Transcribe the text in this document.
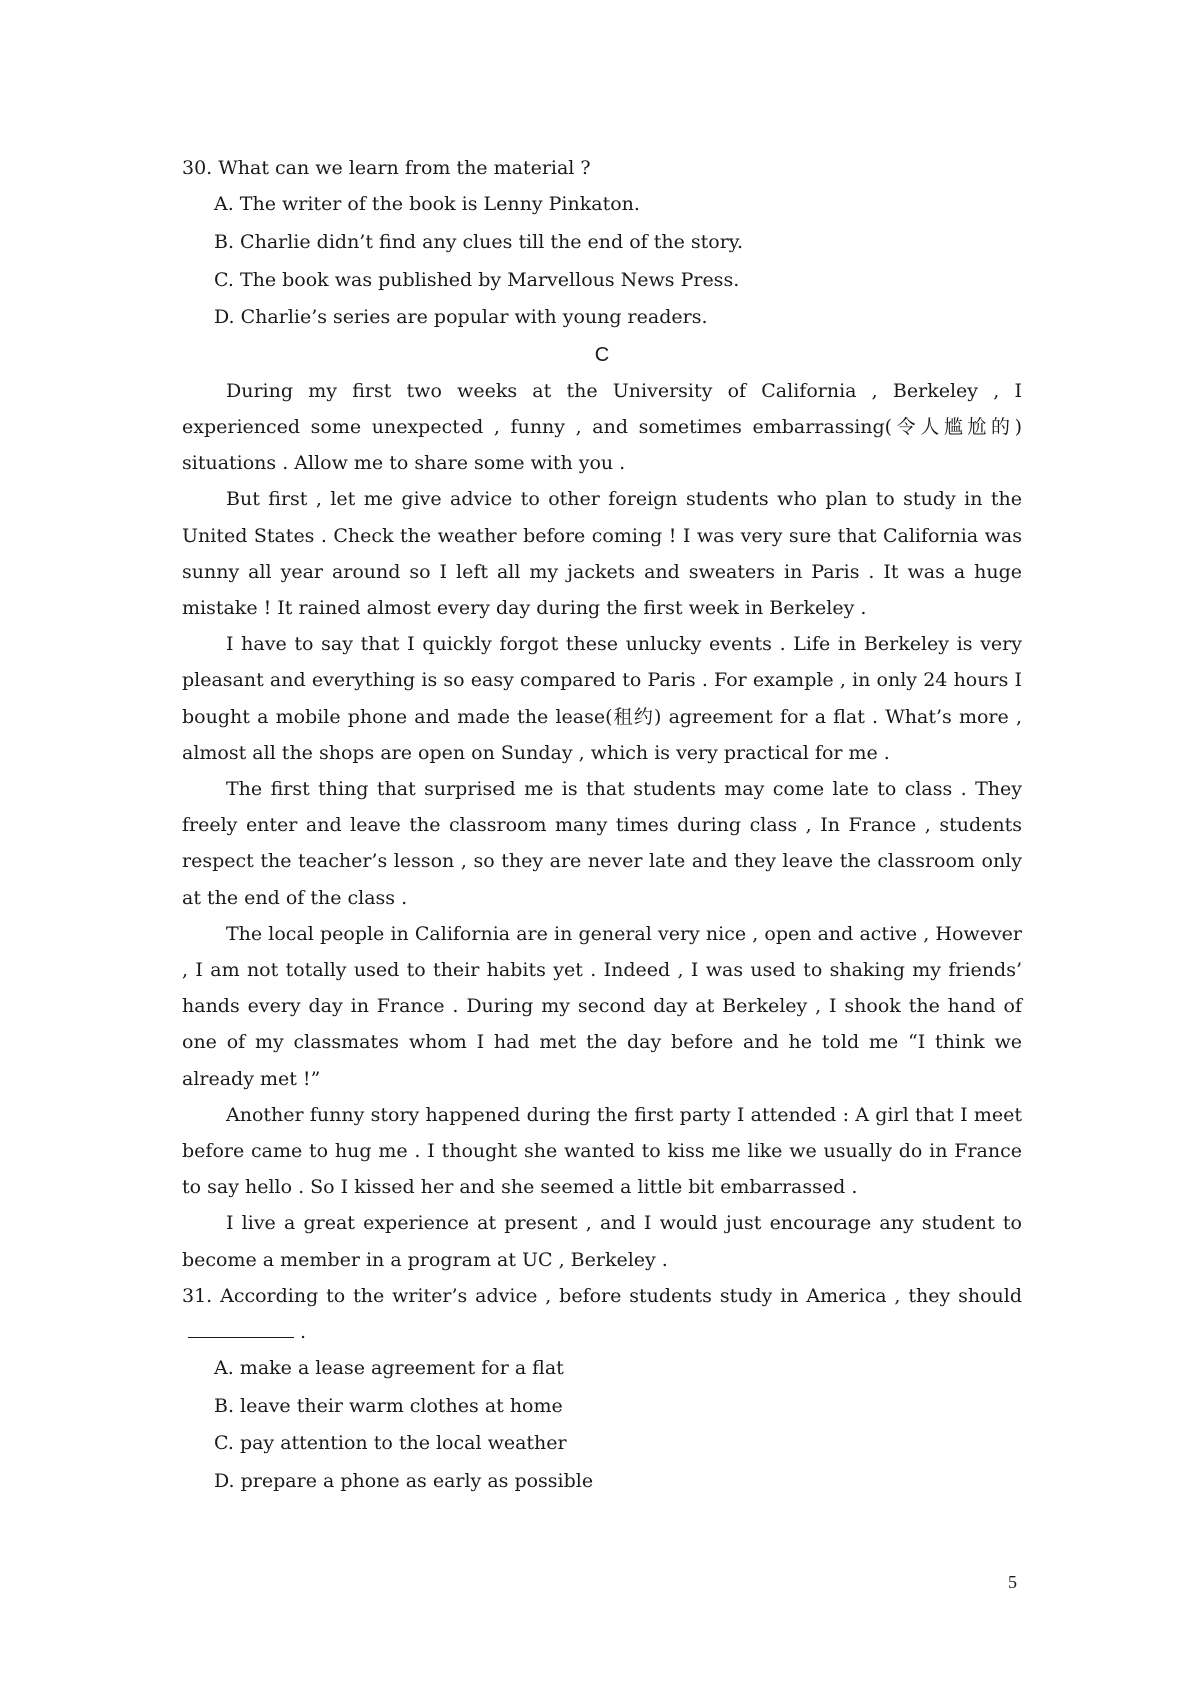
30. What can we learn from the material ?
A. The writer of the book is Lenny Pinkaton.
B. Charlie didn’t find any clues till the end of the story.
C. The book was published by Marvellous News Press.
D. Charlie’s series are popular with young readers.
C

During my first two weeks at the University of California , Berkeley , I experienced some unexpected , funny , and sometimes embarrassing(令人尴尬的) situations . Allow me to share some with you .

But first , let me give advice to other foreign students who plan to study in the United States . Check the weather before coming ! I was very sure that California was sunny all year around so I left all my jackets and sweaters in Paris . It was a huge mistake ! It rained almost every day during the first week in Berkeley .

I have to say that I quickly forgot these unlucky events . Life in Berkeley is very pleasant and everything is so easy compared to Paris . For example , in only 24 hours I bought a mobile phone and made the lease(租约) agreement for a flat . What’s more , almost all the shops are open on Sunday , which is very practical for me .

The first thing that surprised me is that students may come late to class . They freely enter and leave the classroom many times during class , In France , students respect the teacher’s lesson , so they are never late and they leave the classroom only at the end of the class .

The local people in California are in general very nice , open and active , However , I am not totally used to their habits yet . Indeed , I was used to shaking my friends’ hands every day in France . During my second day at Berkeley , I shook the hand of one of my classmates whom I had met the day before and he told me “I think we already met !”

Another funny story happened during the first party I attended : A girl that I meet before came to hug me . I thought she wanted to kiss me like we usually do in France to say hello . So I kissed her and she seemed a little bit embarrassed .

I live a great experience at present , and I would just encourage any student to become a member in a program at UC , Berkeley .

31. According to the writer’s advice , before students study in America , they should.

A. make a lease agreement for a flat
B. leave their warm clothes at home
C. pay attention to the local weather
D. prepare a phone as early as possible
5
